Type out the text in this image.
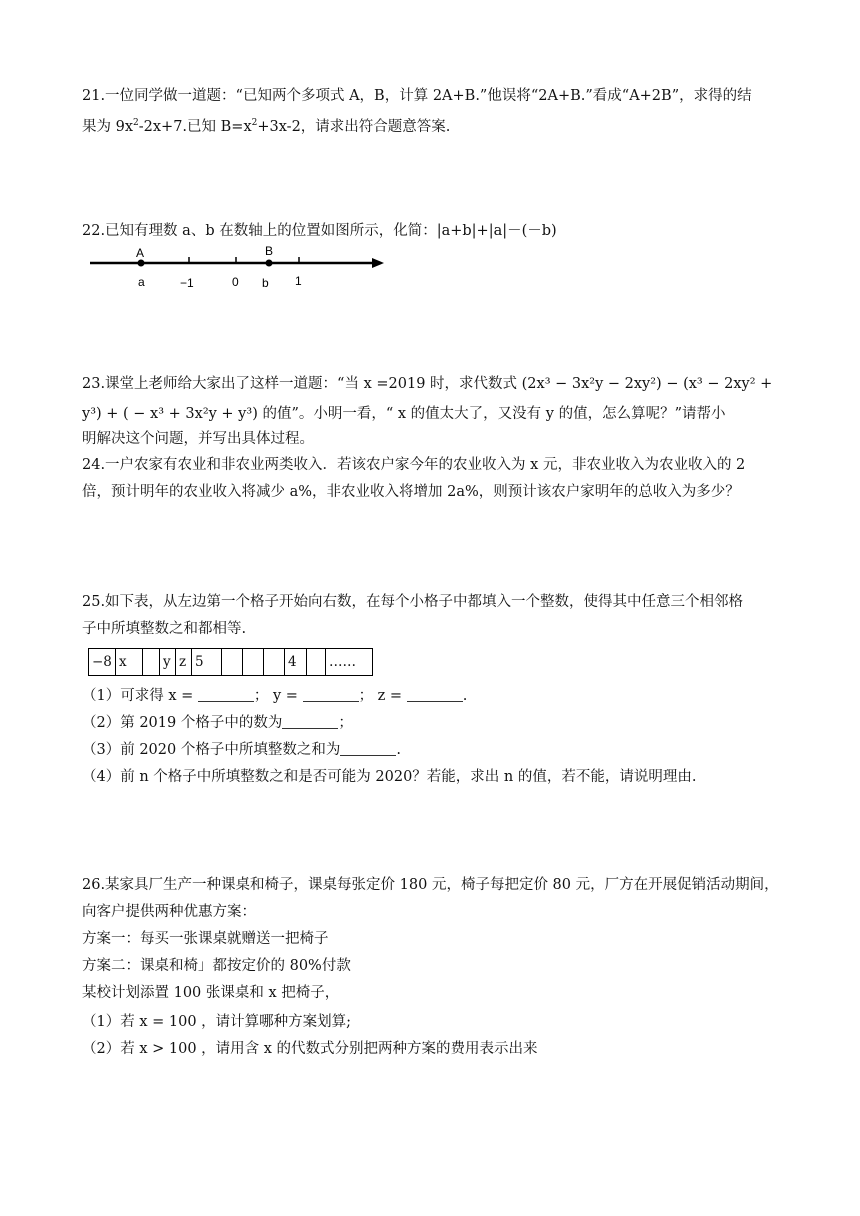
21.一位同学做一道题：“已知两个多项式 A，B，计算 2A+B.”他误将“2A+B.”看成“A+2B”，求得的结
果为 $9x^2-2x+7$.已知 $B=x^2+3x-2$，请求出符合题意答案.
22.已知有理数 a、b 在数轴上的位置如图所示，化简：|a+b|+|a|－(－b)
A	B
a	−1	0 b 1
23.课堂上老师给大家出了这样一道题：“当 x =2019 时，求代数式 (2x³ − 3x²y − 2xy²) − (x³ − 2xy² +
y³) + ( − x³ + 3x²y + y³) 的值”。小明一看，“ x 的值太大了，又没有 y 的值，怎么算呢？”请帮小
明解决这个问题，并写出具体过程。
24.一户农家有农业和非农业两类收入．若该农户家今年的农业收入为 x 元，非农业收入为农业收入的 2
倍，预计明年的农业收入将减少 a%，非农业收入将增加 2a%，则预计该农户家明年的总收入为多少？
25.如下表，从左边第一个格子开始向右数，在每个小格子中都填入一个整数，使得其中任意三个相邻格
子中所填整数之和都相等.
−8	x		y	z	5				4		……
（1）可求得 x =	； y =	； z =	.
（2）第 2019 个格子中的数为	；
（3）前 2020 个格子中所填整数之和为	.
（4）前 n 个格子中所填整数之和是否可能为 2020？若能，求出 n 的值，若不能，请说明理由.
26.某家具厂生产一种课桌和椅子，课桌每张定价 180 元，椅子每把定价 80 元，厂方在开展促销活动期间，
向客户提供两种优惠方案：
方案一：每买一张课桌就赠送一把椅子
方案二：课桌和椅」都按定价的 80%付款
某校计划添置 100 张课桌和 x 把椅子，
（1）若 x = 100 ，请计算哪种方案划算;
（2）若 x > 100 ，请用含 x 的代数式分别把两种方案的费用表示出来
